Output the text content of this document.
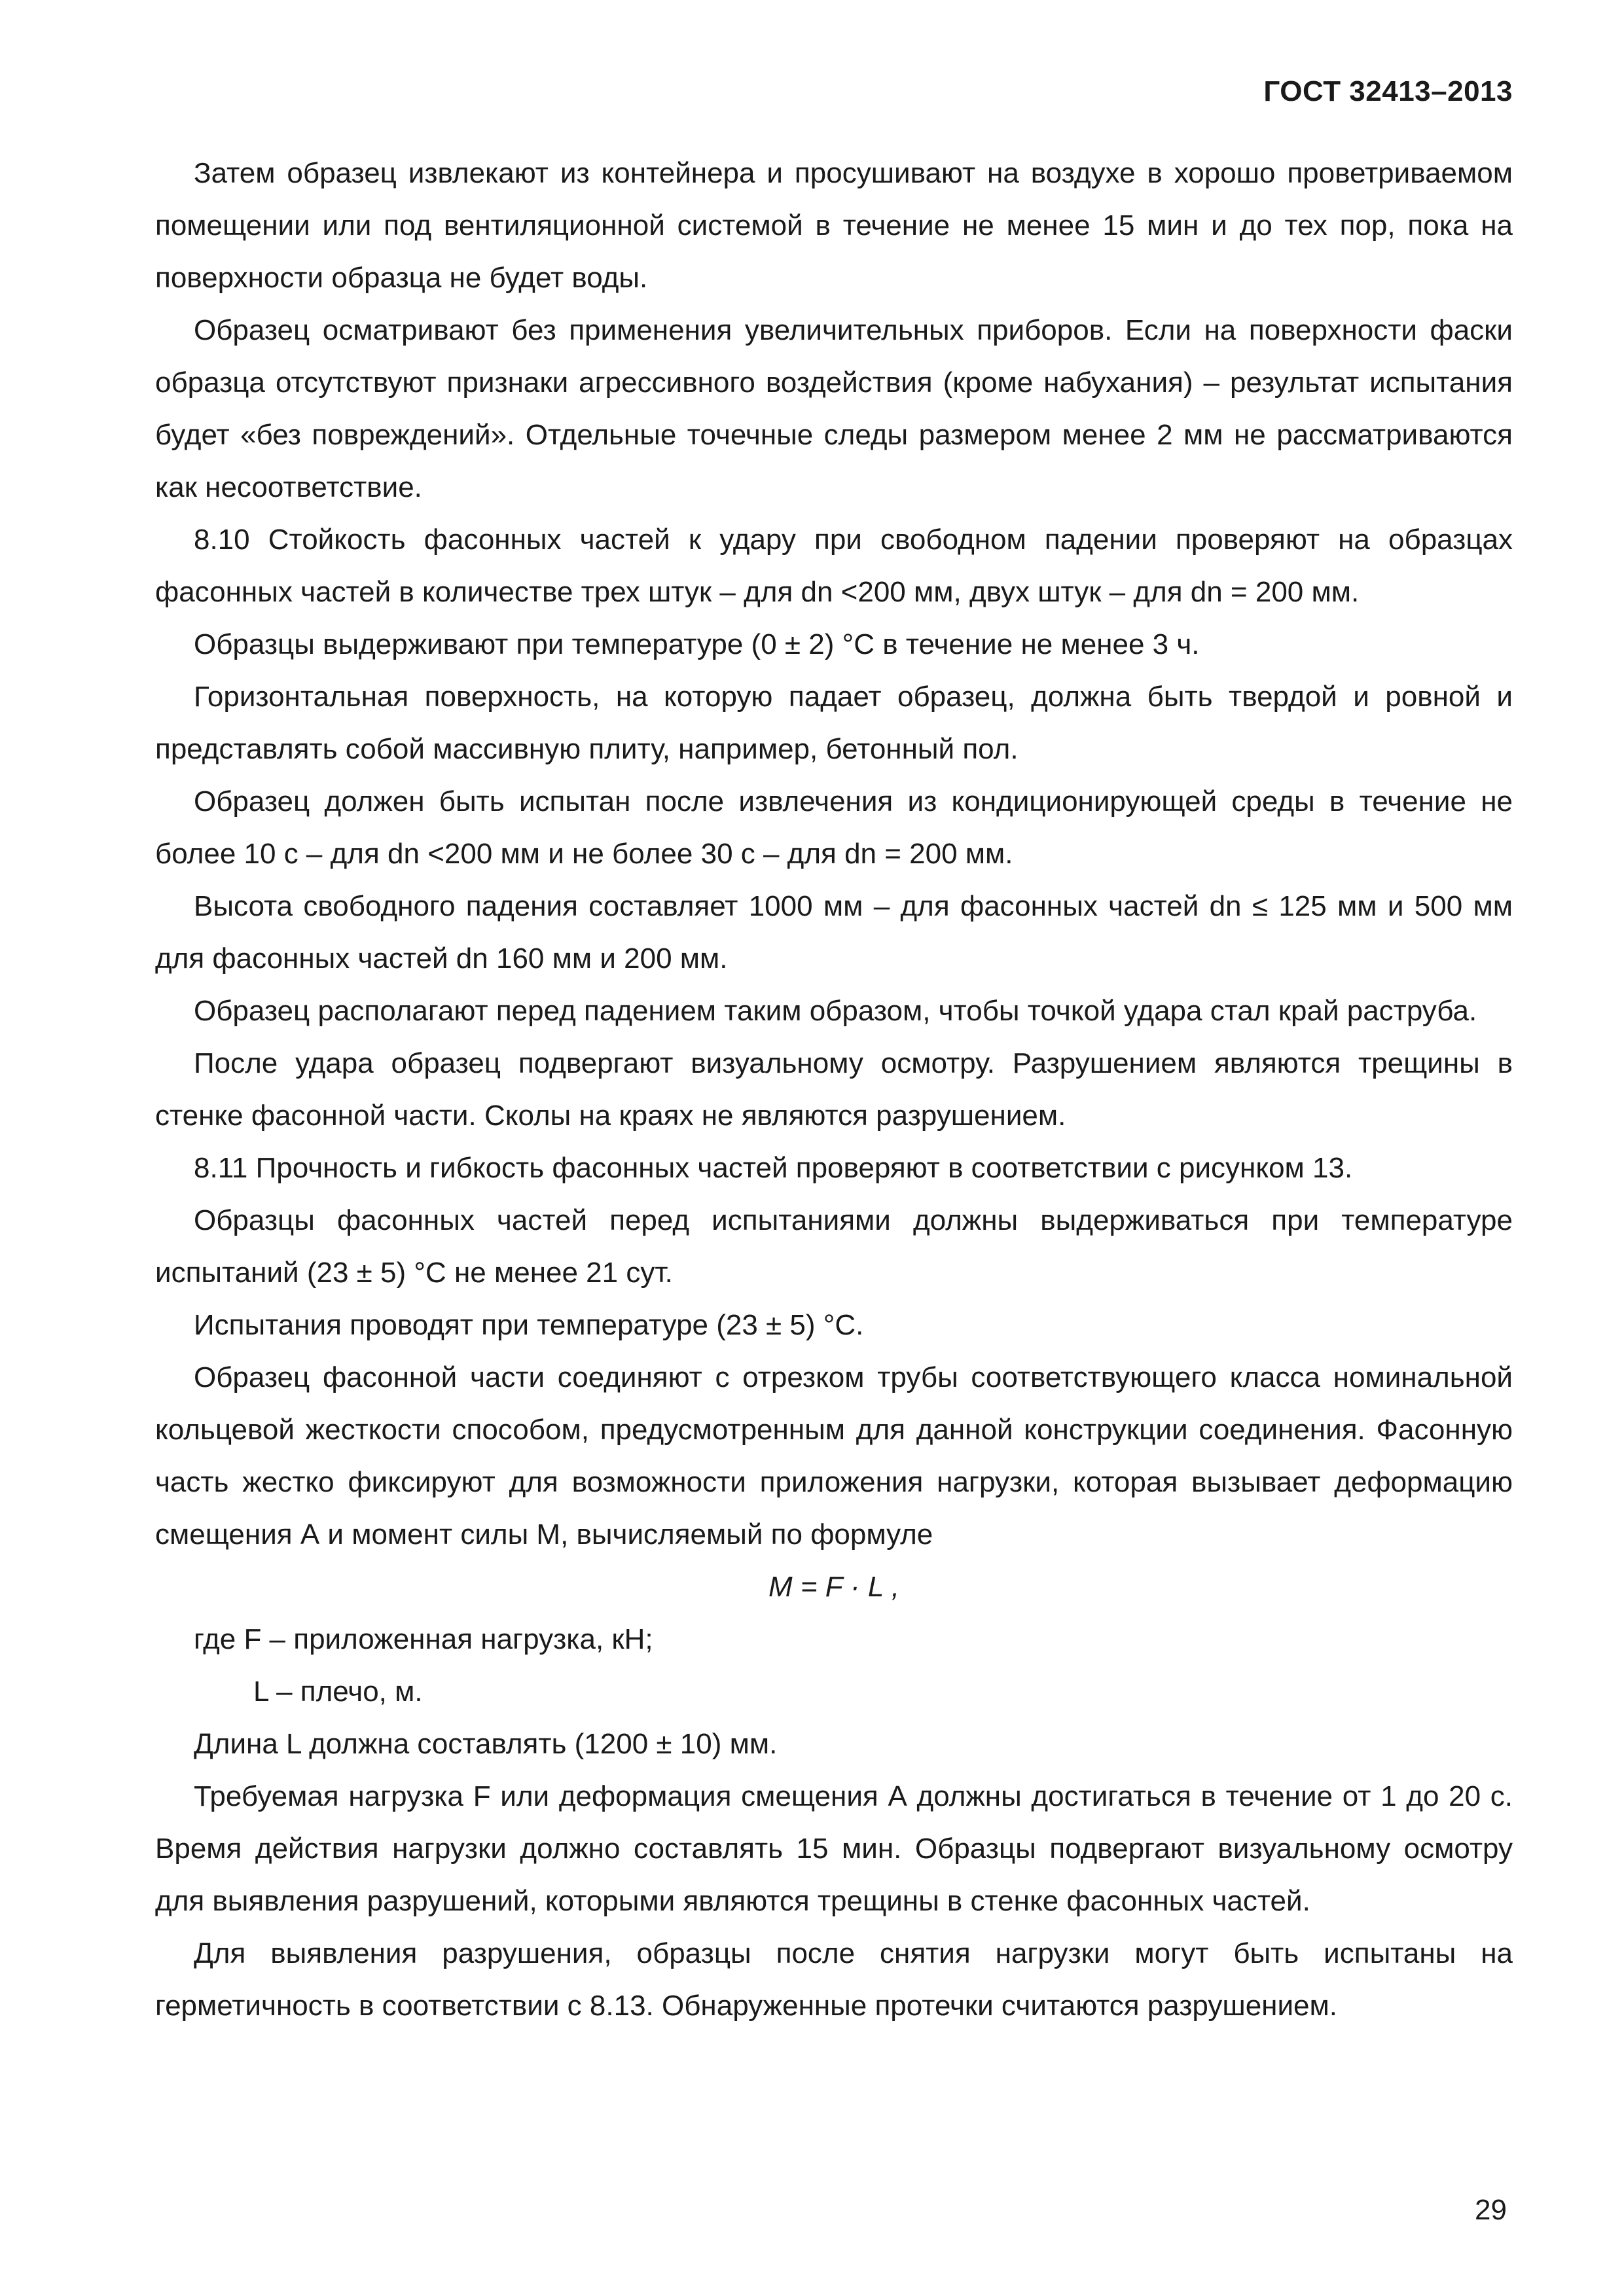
ГОСТ 32413–2013

Затем образец извлекают из контейнера и просушивают на воздухе в хорошо проветриваемом помещении или под вентиляционной системой в течение не менее 15 мин и до тех пор, пока на поверхности образца не будет воды.

Образец осматривают без применения увеличительных приборов. Если на поверхности фаски образца отсутствуют признаки агрессивного воздействия (кроме набухания) – результат испытания будет «без повреждений». Отдельные точечные следы размером менее 2 мм не рассматриваются как несоответствие.

8.10 Стойкость фасонных частей к удару при свободном падении проверяют на образцах фасонных частей в количестве трех штук – для dn <200 мм, двух штук – для dn = 200 мм.

Образцы выдерживают при температуре (0 ± 2) °С в течение не менее 3 ч.

Горизонтальная поверхность, на которую падает образец, должна быть твердой и ровной и представлять собой массивную плиту, например, бетонный пол.

Образец должен быть испытан после извлечения из кондиционирующей среды в течение не более 10 с – для dn <200 мм и не более 30 с – для dn = 200 мм.

Высота свободного падения составляет 1000 мм – для фасонных частей dn ≤ 125 мм и 500 мм для фасонных частей dn 160 мм и 200 мм.

Образец располагают перед падением таким образом, чтобы точкой удара стал край раструба.

После удара образец подвергают визуальному осмотру. Разрушением являются трещины в стенке фасонной части. Сколы на краях не являются разрушением.

8.11 Прочность и гибкость фасонных частей проверяют в соответствии с рисунком 13.

Образцы фасонных частей перед испытаниями должны выдерживаться при температуре испытаний (23 ± 5) °С не менее 21 сут.

Испытания проводят при температуре (23 ± 5) °С.

Образец фасонной части соединяют с отрезком трубы соответствующего класса номинальной кольцевой жесткости способом, предусмотренным для данной конструкции соединения. Фасонную часть жестко фиксируют для возможности приложения нагрузки, которая вызывает деформацию смещения А и момент силы М, вычисляемый по формуле

M = F · L ,

где F – приложенная нагрузка, кН;

L – плечо, м.

Длина L должна составлять (1200 ± 10) мм.

Требуемая нагрузка F или деформация смещения А должны достигаться в течение от 1 до 20 с. Время действия нагрузки должно составлять 15 мин. Образцы подвергают визуальному осмотру для выявления разрушений, которыми являются трещины в стенке фасонных частей.

Для выявления разрушения, образцы после снятия нагрузки могут быть испытаны на герметичность в соответствии с 8.13. Обнаруженные протечки считаются разрушением.

29
